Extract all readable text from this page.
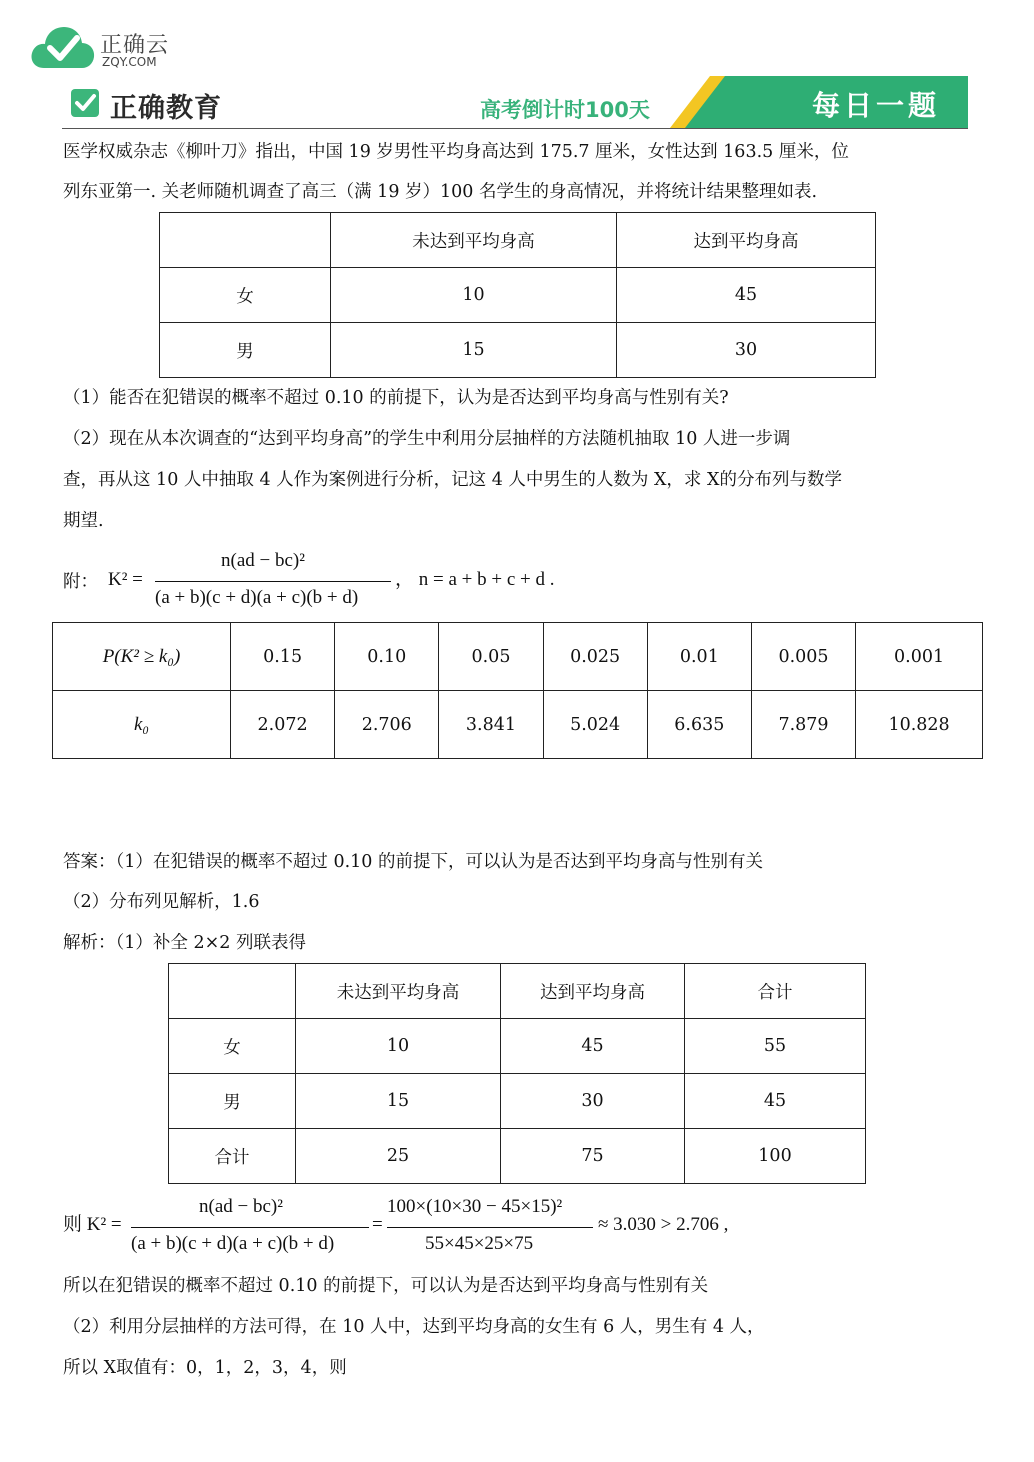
正确云
ZQY.COM
正确教育	高考倒计时100天	每日一题
医学权威杂志《柳叶刀》指出，中国 19 岁男性平均身高达到 175.7 厘米，女性达到 163.5 厘米，位
列东亚第一. 关老师随机调查了高三（满 19 岁）100 名学生的身高情况，并将统计结果整理如表.
	未达到平均身高	达到平均身高
女	10	45
男	15	30
（1）能否在犯错误的概率不超过 0.10 的前提下，认为是否达到平均身高与性别有关?
（2）现在从本次调查的“达到平均身高”的学生中利用分层抽样的方法随机抽取 10 人进一步调
查，再从这 10 人中抽取 4 人作为案例进行分析，记这 4 人中男生的人数为 X，求 X的分布列与数学
期望.
附： K² =
n(ad − bc)²
(a + b)(c + d)(a + c)(b + d)
， n = a + b + c + d .
P(K² ≥ k₀)	0.15	0.10	0.05	0.025	0.01	0.005	0.001
k₀	2.072	2.706	3.841	5.024	6.635	7.879	10.828
答案：（1）在犯错误的概率不超过 0.10 的前提下，可以认为是否达到平均身高与性别有关
（2）分布列见解析，1.6
解析：（1）补全 2×2 列联表得
	未达到平均身高	达到平均身高	合计
女	10	45	55
男	15	30	45
合计	25	75	100
则 K² =
n(ad − bc)²
(a + b)(c + d)(a + c)(b + d)
=
100×(10×30 − 45×15)²
55×45×25×75
≈ 3.030 > 2.706 ,
所以在犯错误的概率不超过 0.10 的前提下，可以认为是否达到平均身高与性别有关
（2）利用分层抽样的方法可得，在 10 人中，达到平均身高的女生有 6 人，男生有 4 人，
所以 X取值有：0，1，2，3，4，则
